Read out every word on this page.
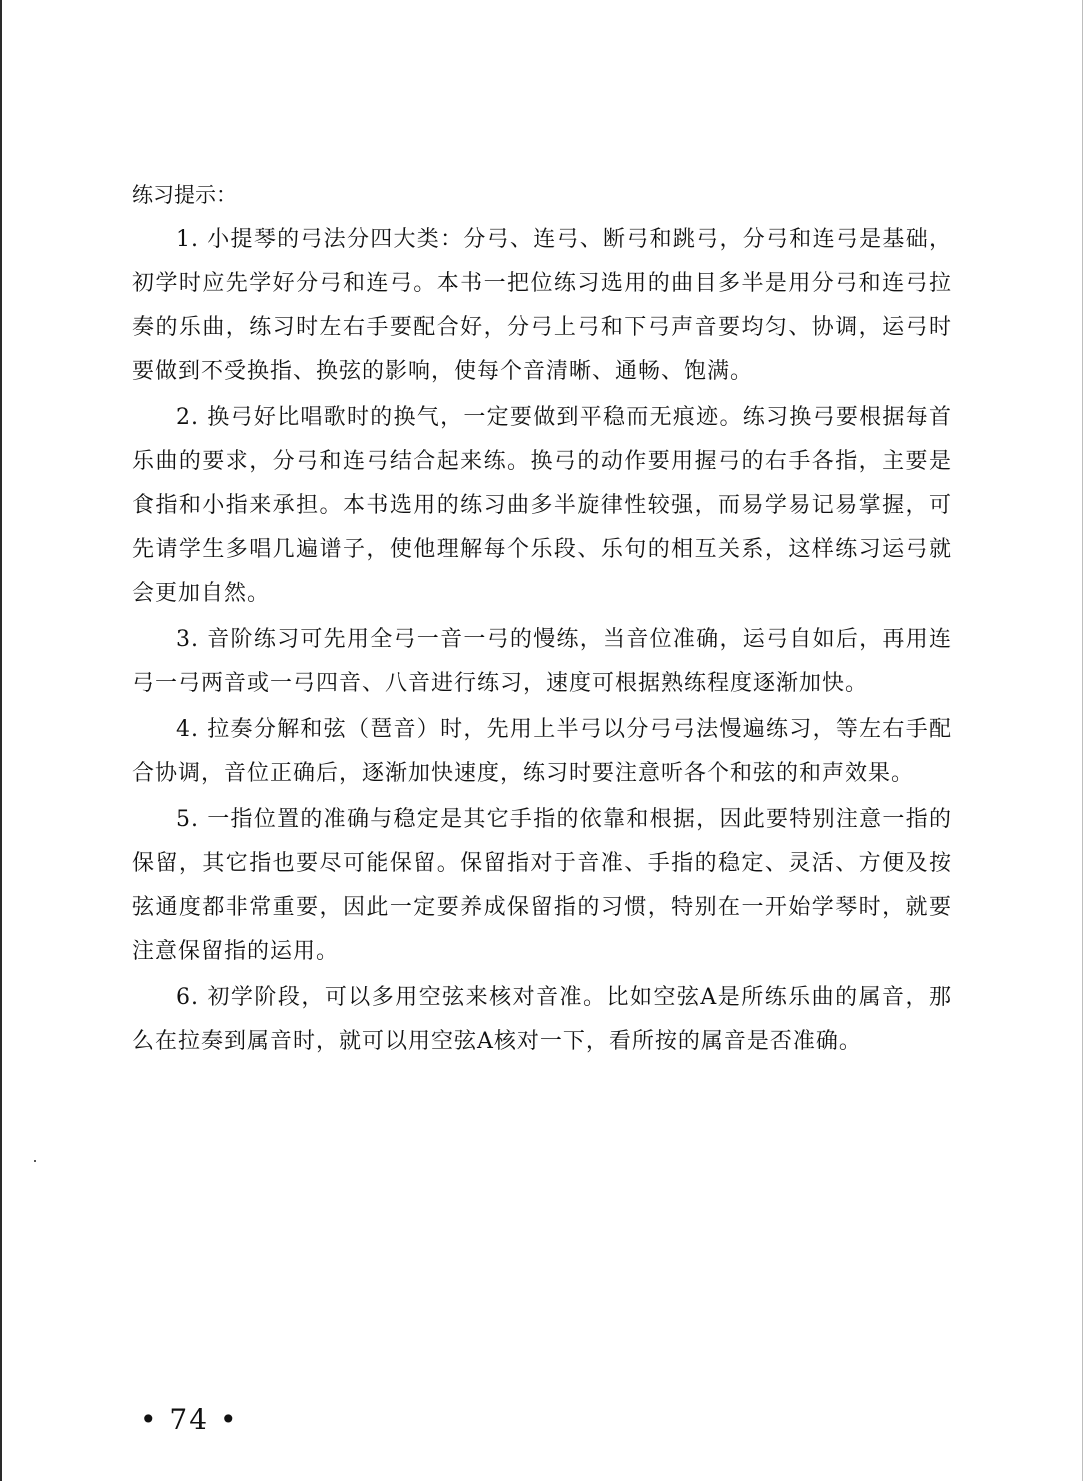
练习提示：

1. 小提琴的弓法分四大类：分弓、连弓、断弓和跳弓，分弓和连弓是基础，初学时应先学好分弓和连弓。本书一把位练习选用的曲目多半是用分弓和连弓拉奏的乐曲，练习时左右手要配合好，分弓上弓和下弓声音要均匀、协调，运弓时要做到不受换指、换弦的影响，使每个音清晰、通畅、饱满。

2. 换弓好比唱歌时的换气，一定要做到平稳而无痕迹。练习换弓要根据每首乐曲的要求，分弓和连弓结合起来练。换弓的动作要用握弓的右手各指，主要是食指和小指来承担。本书选用的练习曲多半旋律性较强，而易学易记易掌握，可先请学生多唱几遍谱子，使他理解每个乐段、乐句的相互关系，这样练习运弓就会更加自然。

3. 音阶练习可先用全弓一音一弓的慢练，当音位准确，运弓自如后，再用连弓一弓两音或一弓四音、八音进行练习，速度可根据熟练程度逐渐加快。

4. 拉奏分解和弦（琶音）时，先用上半弓以分弓弓法慢遍练习，等左右手配合协调，音位正确后，逐渐加快速度，练习时要注意听各个和弦的和声效果。

5. 一指位置的准确与稳定是其它手指的依靠和根据，因此要特别注意一指的保留，其它指也要尽可能保留。保留指对于音准、手指的稳定、灵活、方便及按弦通度都非常重要，因此一定要养成保留指的习惯，特别在一开始学琴时，就要注意保留指的运用。

6. 初学阶段，可以多用空弦来核对音准。比如空弦A是所练乐曲的属音，那么在拉奏到属音时，就可以用空弦A核对一下，看所按的属音是否准确。

• 74 •
